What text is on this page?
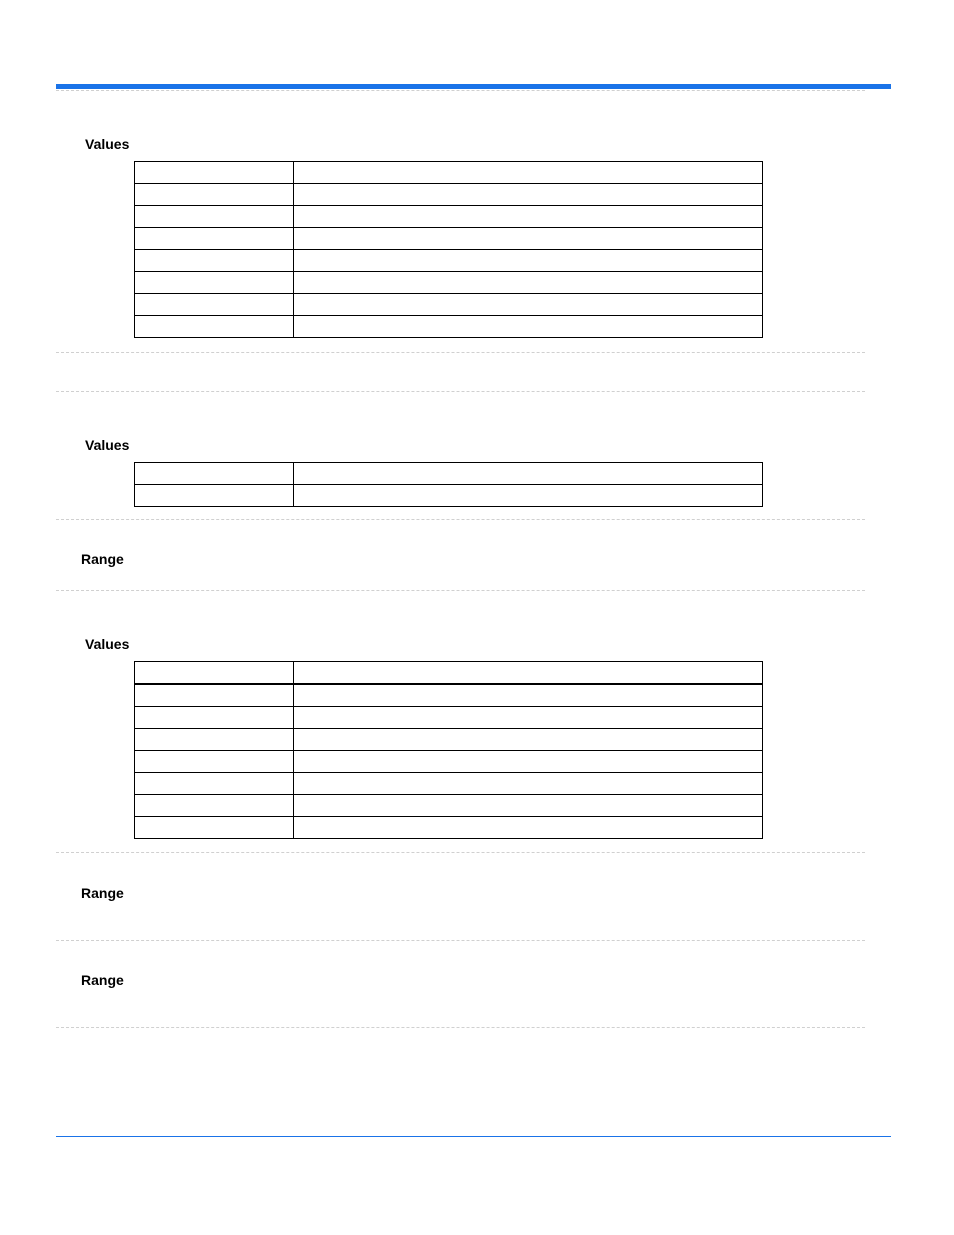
Values

Values

Range
Values

Range
Range
